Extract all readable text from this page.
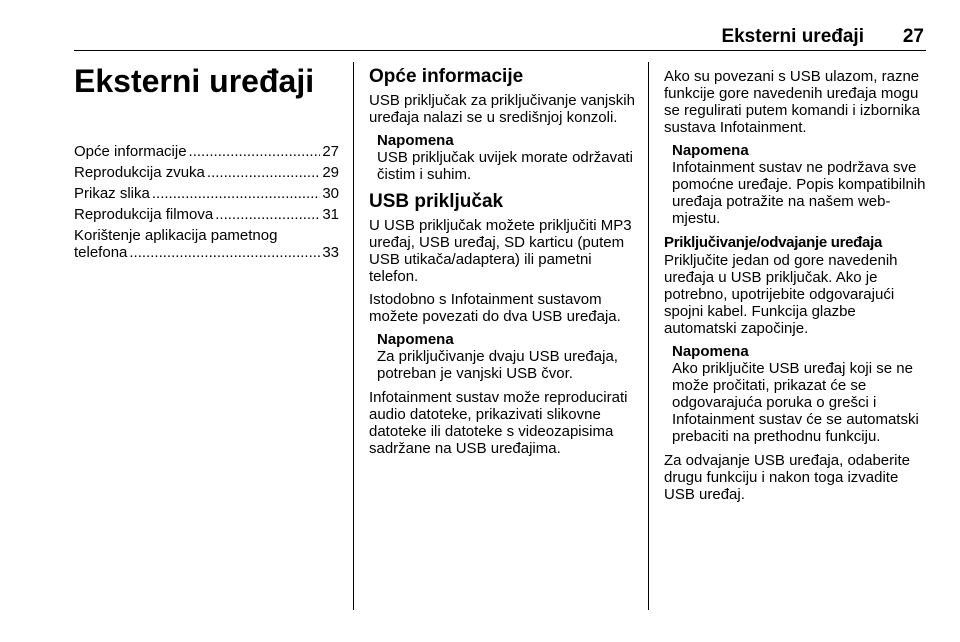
Eksterni uređaji 27
Eksterni uređaji
Opće informacije .....	27
Reprodukcija zvuka .....	29
Prikaz slika .....	30
Reprodukcija filmova .....	31
Korištenje aplikacija pametnog
telefona .....	33
Opće informacije

USB priključak za priključivanje vanjskih uređaja nalazi se u središnjoj konzoli.

Napomena
USB priključak uvijek morate održavati čistim i suhim.
USB priključak

U USB priključak možete priključiti MP3 uređaj, USB uređaj, SD karticu (putem USB utikača/adaptera) ili pametni telefon.

Istodobno s Infotainment sustavom možete povezati do dva USB uređaja.

Napomena
Za priključivanje dvaju USB uređaja, potreban je vanjski USB čvor.

Infotainment sustav može reproducirati audio datoteke, prikazivati slikovne datoteke ili datoteke s videozapisima sadržane na USB uređajima.

Ako su povezani s USB ulazom, razne funkcije gore navedenih uređaja mogu se regulirati putem komandi i izbornika sustava Infotainment.

Napomena
Infotainment sustav ne podržava sve pomoćne uređaje. Popis kompatibilnih uređaja potražite na našem web-mjestu.
Priključivanje/odvajanje uređaja

Priključite jedan od gore navedenih uređaja u USB priključak. Ako je potrebno, upotrijebite odgovarajući spojni kabel. Funkcija glazbe automatski započinje.

Napomena
Ako priključite USB uređaj koji se ne može pročitati, prikazat će se odgovarajuća poruka o grešci i Infotainment sustav će se automatski prebaciti na prethodnu funkciju.

Za odvajanje USB uređaja, odaberite drugu funkciju i nakon toga izvadite USB uređaj.
